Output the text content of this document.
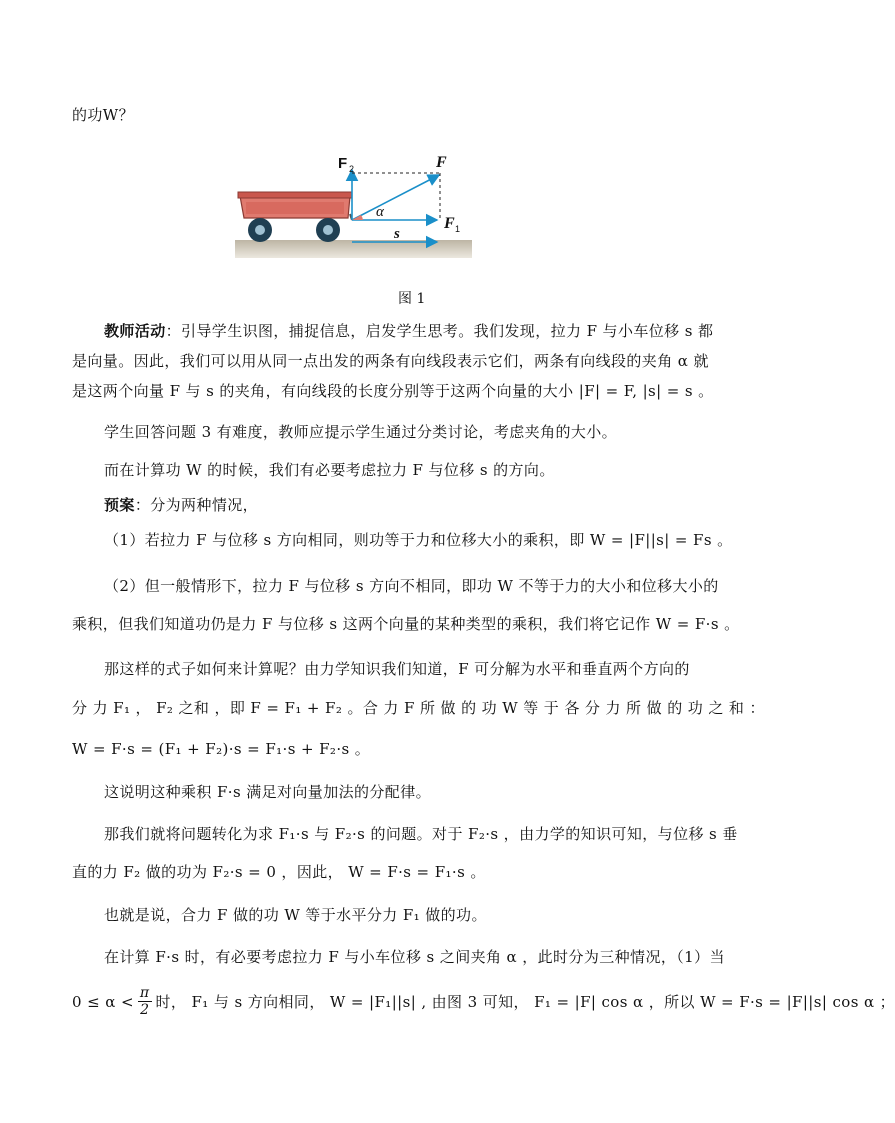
的功W？
F 2	F
F 1
α
s
图 1
教师活动：引导学生识图，捕捉信息，启发学生思考。我们发现，拉力 F 与小车位移 s 都
是向量。因此，我们可以用从同一点出发的两条有向线段表示它们，两条有向线段的夹角 α 就
是这两个向量 F 与 s 的夹角，有向线段的长度分别等于这两个向量的大小 |F| = F, |s| = s 。
学生回答问题 3 有难度，教师应提示学生通过分类讨论，考虑夹角的大小。
而在计算功 W 的时候，我们有必要考虑拉力 F 与位移 s 的方向。
预案：分为两种情况，
（1）若拉力 F 与位移 s 方向相同，则功等于力和位移大小的乘积，即 W = |F||s| = Fs 。
（2）但一般情形下，拉力 F 与位移 s 方向不相同，即功 W 不等于力的大小和位移大小的
乘积，但我们知道功仍是力 F 与位移 s 这两个向量的某种类型的乘积，我们将它记作 W = F·s 。
那这样的式子如何来计算呢？由力学知识我们知道，F 可分解为水平和垂直两个方向的
分 力 F₁ ， F₂ 之和 ，即 F = F₁ + F₂ 。合 力 F 所 做 的 功 W 等 于 各 分 力 所 做 的 功 之 和 ：
W = F·s = (F₁ + F₂)·s = F₁·s + F₂·s 。
这说明这种乘积 F·s 满足对向量加法的分配律。
那我们就将问题转化为求 F₁·s 与 F₂·s 的问题。对于 F₂·s ，由力学的知识可知，与位移 s 垂
直的力 F₂ 做的功为 F₂·s = 0 ，因此， W = F·s = F₁·s 。
也就是说，合力 F 做的功 W 等于水平分力 F₁ 做的功。
在计算 F·s 时，有必要考虑拉力 F 与小车位移 s 之间夹角 α ，此时分为三种情况，（1）当
$0 \le \alpha < \frac{\pi}{2}$ 时， F₁ 与 s 方向相同， W = |F₁||s| , 由图 3 可知， F₁ = |F| cos α ，所以 W = F·s = |F||s| cos α ；
